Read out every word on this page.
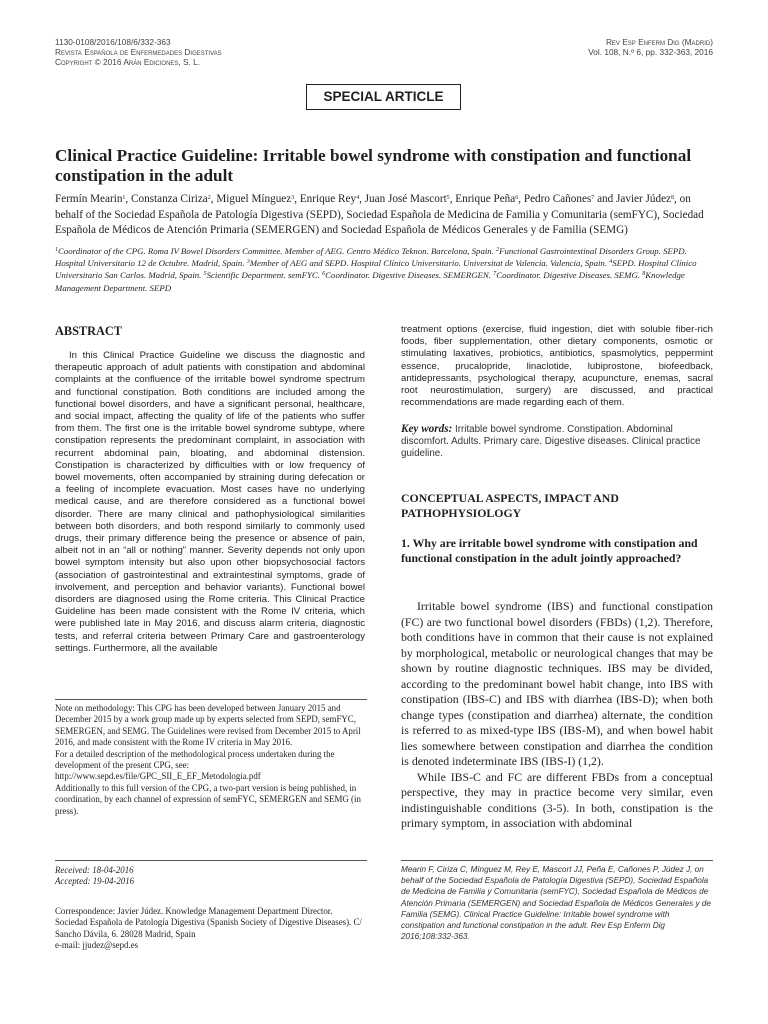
1130-0108/2016/108/6/332-363
Revista Española de Enfermedades Digestivas
Copyright © 2016 Arán Ediciones, S. L.
Rev Esp Enferm Dig (Madrid)
Vol. 108, N.º 6, pp. 332-363, 2016
SPECIAL ARTICLE
Clinical Practice Guideline: Irritable bowel syndrome with constipation and functional constipation in the adult
Fermín Mearin$^1$, Constanza Ciriza$^2$, Miguel Mínguez$^3$, Enrique Rey$^4$, Juan José Mascort$^5$, Enrique Peña$^6$, Pedro Cañones$^7$ and Javier Júdez$^8$, on behalf of the Sociedad Española de Patología Digestiva (SEPD), Sociedad Española de Medicina de Familia y Comunitaria (semFYC), Sociedad Española de Médicos de Atención Primaria (SEMERGEN) and Sociedad Española de Médicos Generales y de Familia (SEMG)
$^1$Coordinator of the CPG. Roma IV Bowel Disorders Committee. Member of AEG. Centro Médico Teknon. Barcelona, Spain. $^2$Functional Gastrointestinal Disorders Group. SEPD. Hospital Universitario 12 de Octubre. Madrid, Spain. $^3$Member of AEG and SEPD. Hospital Clínico Universitario. Universitat de Valencia. Valencia, Spain. $^4$SEPD. Hospital Clínico Universitario San Carlos. Madrid, Spain. $^5$Scientific Department. semFYC. $^6$Coordinator. Digestive Diseases. SEMERGEN. $^7$Coordinator. Digestive Diseases. SEMG. $^8$Knowledge Management Department. SEPD
ABSTRACT

In this Clinical Practice Guideline we discuss the diagnostic and therapeutic approach of adult patients with constipation and abdominal complaints at the confluence of the irritable bowel syndrome spectrum and functional constipation. Both conditions are included among the functional bowel disorders, and have a significant personal, healthcare, and social impact, affecting the quality of life of the patients who suffer from them. The first one is the irritable bowel syndrome subtype, where constipation represents the predominant complaint, in association with recurrent abdominal pain, bloating, and abdominal distension. Constipation is characterized by difficulties with or low frequency of bowel movements, often accompanied by straining during defecation or a feeling of incomplete evacuation. Most cases have no underlying medical cause, and are therefore considered as a functional bowel disorder. There are many clinical and pathophysiological similarities between both disorders, and both respond similarly to commonly used drugs, their primary difference being the presence or absence of pain, albeit not in an “all or nothing” manner. Severity depends not only upon bowel symptom intensity but also upon other biopsychosocial factors (association of gastrointestinal and extraintestinal symptoms, grade of involvement, and perception and behavior variants). Functional bowel disorders are diagnosed using the Rome criteria. This Clinical Practice Guideline has been made consistent with the Rome IV criteria, which were published late in May 2016, and discuss alarm criteria, diagnostic tests, and referral criteria between Primary Care and gastroenterology settings. Furthermore, all the available

treatment options (exercise, fluid ingestion, diet with soluble fiber-rich foods, fiber supplementation, other dietary components, osmotic or stimulating laxatives, probiotics, antibiotics, spasmolytics, peppermint essence, prucalopride, linaclotide, lubiprostone, biofeedback, antidepressants, psychological therapy, acupuncture, enemas, sacral root neurostimulation, surgery) are discussed, and practical recommendations are made regarding each of them.

Key words: Irritable bowel syndrome. Constipation. Abdominal discomfort. Adults. Primary care. Digestive diseases. Clinical practice guideline.

CONCEPTUAL ASPECTS, IMPACT AND PATHOPHYSIOLOGY
1. Why are irritable bowel syndrome with constipation and functional constipation in the adult jointly approached?

Irritable bowel syndrome (IBS) and functional constipation (FC) are two functional bowel disorders (FBDs) (1,2). Therefore, both conditions have in common that their cause is not explained by morphological, metabolic or neurological changes that may be shown by routine diagnostic techniques. IBS may be divided, according to the predominant bowel habit change, into IBS with constipation (IBS-C) and IBS with diarrhea (IBS-D); when both change types (constipation and diarrhea) alternate, the condition is referred to as mixed-type IBS (IBS-M), and when bowel habit lies somewhere between constipation and diarrhea the condition is denoted indeterminate IBS (IBS-I) (1,2).

While IBS-C and FC are different FBDs from a conceptual perspective, they may in practice become very similar, even indistinguishable conditions (3-5). In both, constipation is the primary symptom, in association with abdominal

Note on methodology: This CPG has been developed between January 2015 and December 2015 by a work group made up by experts selected from SEPD, semFYC, SEMERGEN, and SEMG. The Guidelines were revised from December 2015 to April 2016, and made consistent with the Rome IV criteria in May 2016.

For a detailed description of the methodological process undertaken during the development of the present CPG, see: http://www.sepd.es/file/GPC_SII_E_EF_Metodologia.pdf

Additionally to this full version of the CPG, a two-part version is being published, in coordination, by each channel of expression of semFYC, SEMERGEN and SEMG (in press).

Received: 18-04-2016
Accepted: 19-04-2016
Correspondence: Javier Júdez. Knowledge Management Department Director. Sociedad Española de Patología Digestiva (Spanish Society of Digestive Diseases). C/ Sancho Dávila, 6. 28028 Madrid, Spain
e-mail: jjudez@sepd.es

Mearin F, Ciriza C, Mínguez M, Rey E, Mascort JJ, Peña E, Cañones P, Júdez J, on behalf of the Sociedad Española de Patología Digestiva (SEPD), Sociedad Española de Medicina de Familia y Comunitaria (semFYC), Sociedad Española de Médicos de Atención Primaria (SEMERGEN) and Sociedad Española de Médicos Generales y de Familia (SEMG). Clinical Practice Guideline: Irritable bowel syndrome with constipation and functional constipation in the adult. Rev Esp Enferm Dig 2016;108:332-363.
